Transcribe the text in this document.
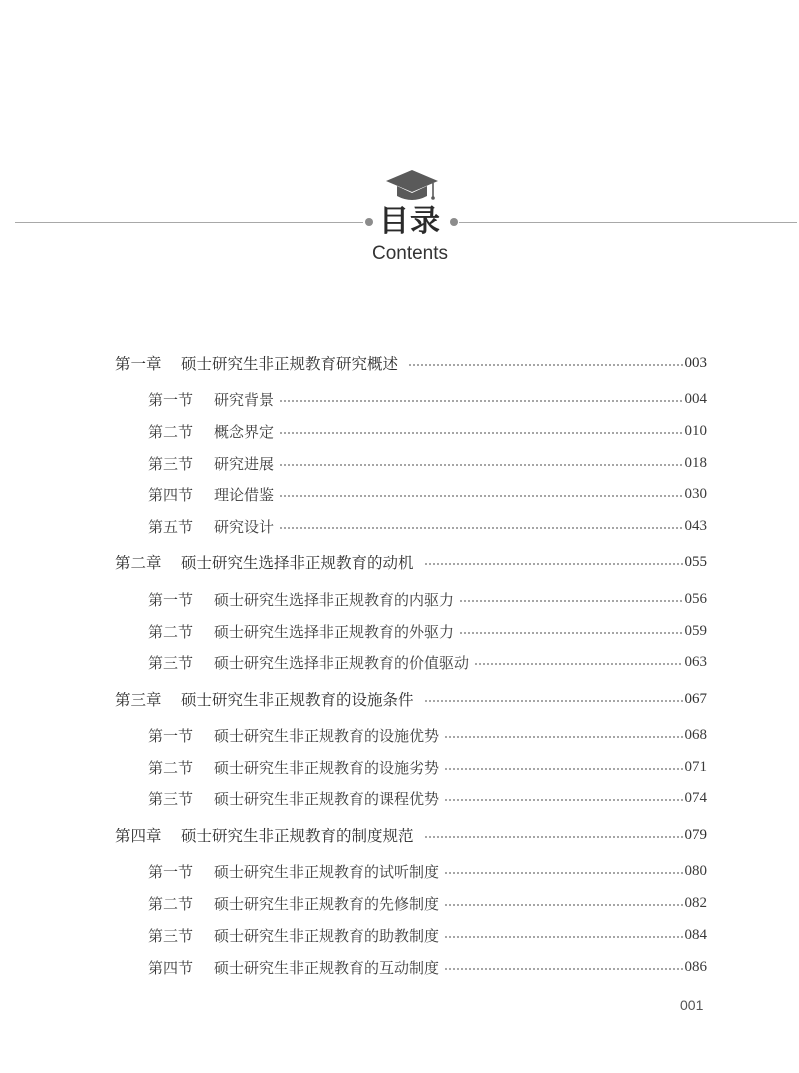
目录
Contents
第一章	硕士研究生非正规教育研究概述	003
第一节	研究背景	004
第二节	概念界定	010
第三节	研究进展	018
第四节	理论借鉴	030
第五节	研究设计	043
第二章	硕士研究生选择非正规教育的动机	055
第一节	硕士研究生选择非正规教育的内驱力	056
第二节	硕士研究生选择非正规教育的外驱力	059
第三节	硕士研究生选择非正规教育的价值驱动	063
第三章	硕士研究生非正规教育的设施条件	067
第一节	硕士研究生非正规教育的设施优势	068
第二节	硕士研究生非正规教育的设施劣势	071
第三节	硕士研究生非正规教育的课程优势	074
第四章	硕士研究生非正规教育的制度规范	079
第一节	硕士研究生非正规教育的试听制度	080
第二节	硕士研究生非正规教育的先修制度	082
第三节	硕士研究生非正规教育的助教制度	084
第四节	硕士研究生非正规教育的互动制度	086
001
